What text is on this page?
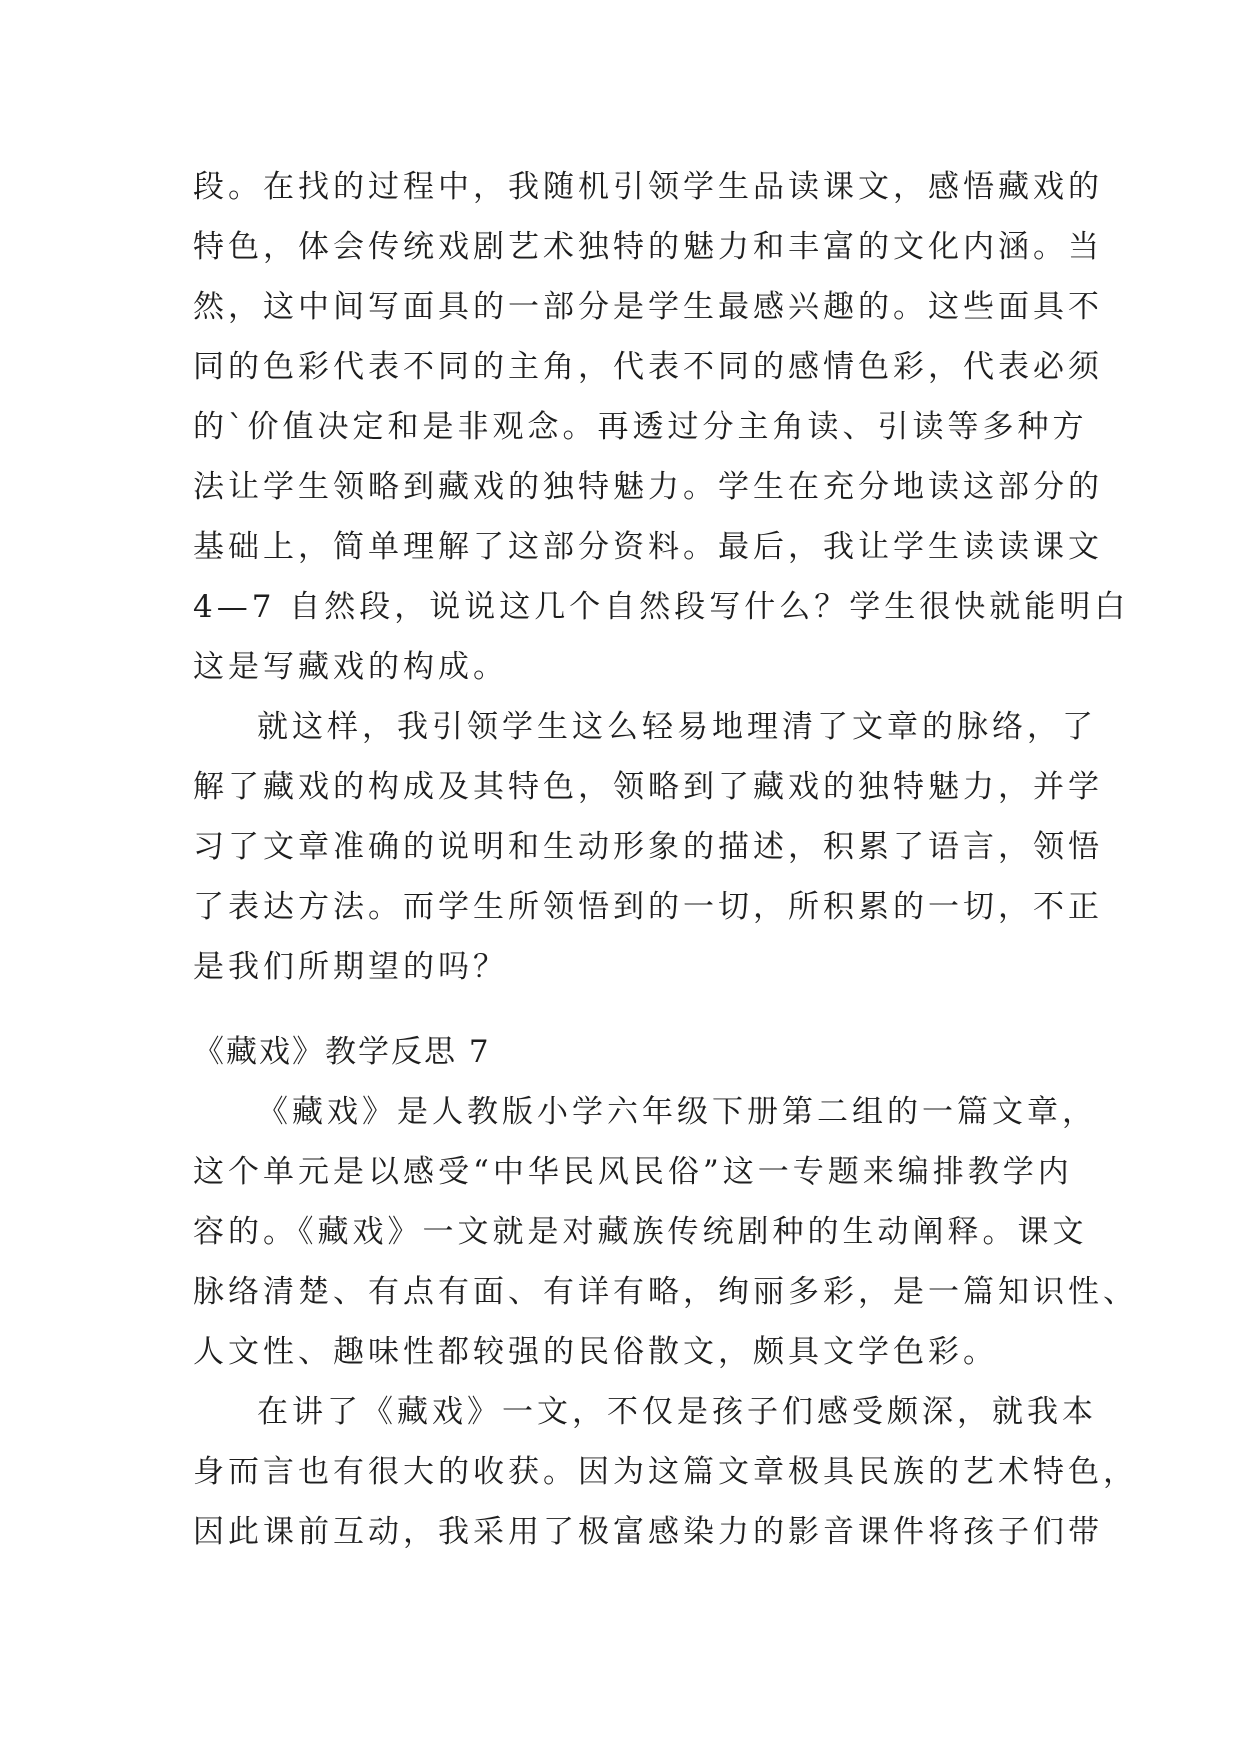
段。在找的过程中，我随机引领学生品读课文，感悟藏戏的
特色，体会传统戏剧艺术独特的魅力和丰富的文化内涵。当
然，这中间写面具的一部分是学生最感兴趣的。这些面具不
同的色彩代表不同的主角，代表不同的感情色彩，代表必须
的`价值决定和是非观念。再透过分主角读、引读等多种方
法让学生领略到藏戏的独特魅力。学生在充分地读这部分的
基础上，简单理解了这部分资料。最后，我让学生读读课文
4—7 自然段，说说这几个自然段写什么？学生很快就能明白
这是写藏戏的构成。
就这样，我引领学生这么轻易地理清了文章的脉络，了
解了藏戏的构成及其特色，领略到了藏戏的独特魅力，并学
习了文章准确的说明和生动形象的描述，积累了语言，领悟
了表达方法。而学生所领悟到的一切，所积累的一切，不正
是我们所期望的吗？
《藏戏》教学反思 7
《藏戏》是人教版小学六年级下册第二组的一篇文章，
这个单元是以感受“中华民风民俗”这一专题来编排教学内
容的。《藏戏》一文就是对藏族传统剧种的生动阐释。课文
脉络清楚、有点有面、有详有略，绚丽多彩，是一篇知识性、
人文性、趣味性都较强的民俗散文，颇具文学色彩。
在讲了《藏戏》一文，不仅是孩子们感受颇深，就我本
身而言也有很大的收获。因为这篇文章极具民族的艺术特色，
因此课前互动，我采用了极富感染力的影音课件将孩子们带
